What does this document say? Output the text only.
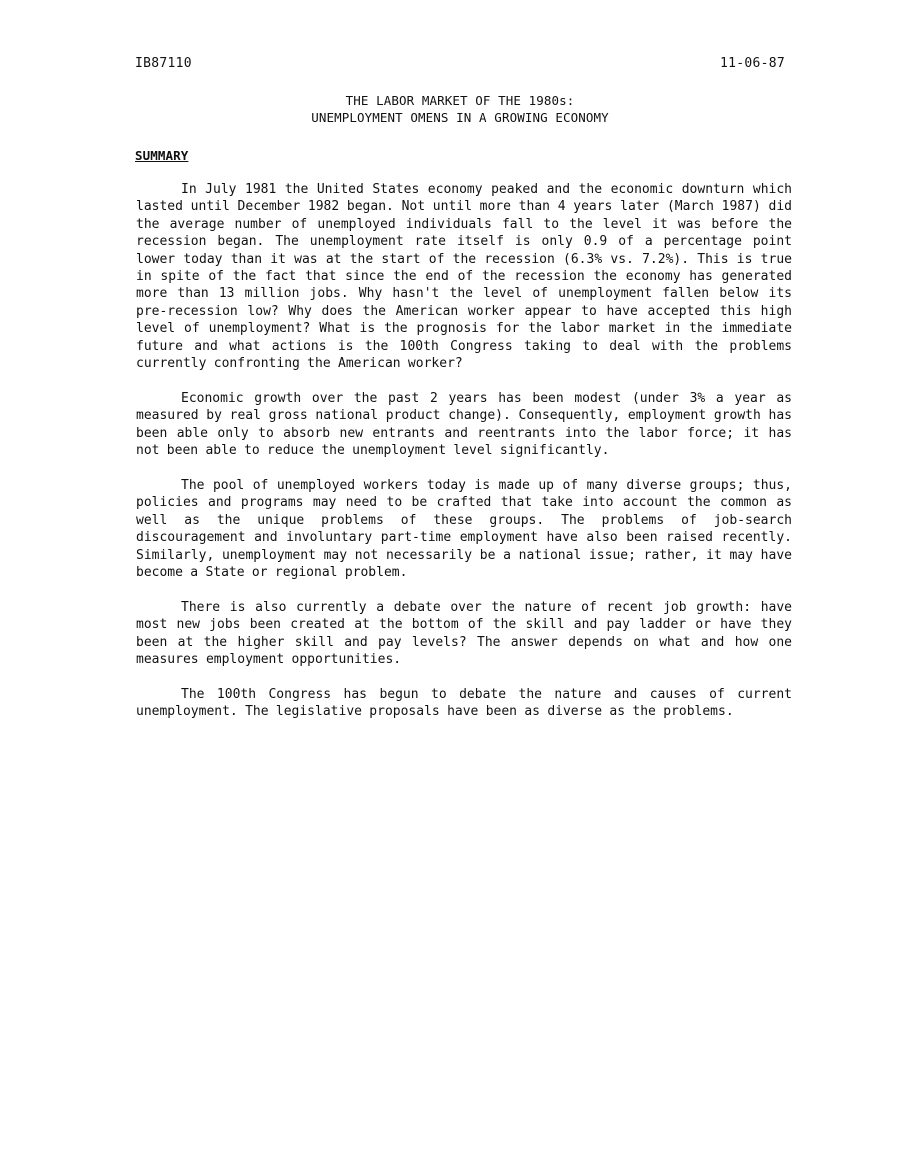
IB87110	11-06-87
THE LABOR MARKET OF THE 1980s:
UNEMPLOYMENT OMENS IN A GROWING ECONOMY
SUMMARY

In July 1981 the United States economy peaked and the economic downturn which lasted until December 1982 began. Not until more than 4 years later (March 1987) did the average number of unemployed individuals fall to the level it was before the recession began. The unemployment rate itself is only 0.9 of a percentage point lower today than it was at the start of the recession (6.3% vs. 7.2%). This is true in spite of the fact that since the end of the recession the economy has generated more than 13 million jobs. Why hasn't the level of unemployment fallen below its pre-recession low? Why does the American worker appear to have accepted this high level of unemployment? What is the prognosis for the labor market in the immediate future and what actions is the 100th Congress taking to deal with the problems currently confronting the American worker?

Economic growth over the past 2 years has been modest (under 3% a year as measured by real gross national product change). Consequently, employment growth has been able only to absorb new entrants and reentrants into the labor force; it has not been able to reduce the unemployment level significantly.

The pool of unemployed workers today is made up of many diverse groups; thus, policies and programs may need to be crafted that take into account the common as well as the unique problems of these groups. The problems of job-search discouragement and involuntary part-time employment have also been raised recently. Similarly, unemployment may not necessarily be a national issue; rather, it may have become a State or regional problem.

There is also currently a debate over the nature of recent job growth: have most new jobs been created at the bottom of the skill and pay ladder or have they been at the higher skill and pay levels? The answer depends on what and how one measures employment opportunities.

The 100th Congress has begun to debate the nature and causes of current unemployment. The legislative proposals have been as diverse as the problems.
